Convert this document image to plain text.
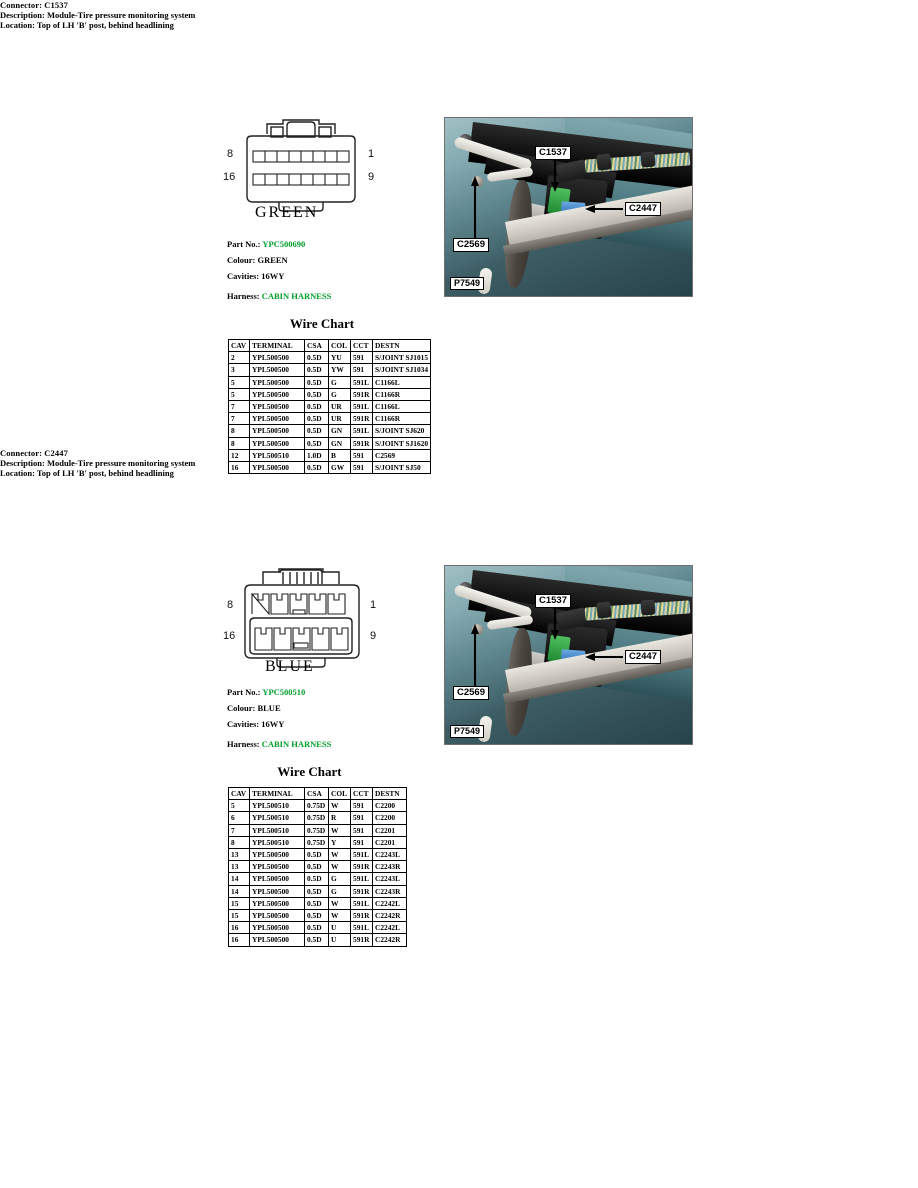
Connector: C1537
8
16
1
9
GREEN
Part No.: YPC500690
Colour: GREEN
Cavities: 16WY
Harness: CABIN HARNESS
Description: Module-Tire pressure monitoring system
Location: Top of LH 'B' post, behind headlining
C1537
C2447
C2569
P7549
Wire Chart
CAV	TERMINAL	CSA	COL	CCT	DESTN
2	YPL500500	0.5D	YU	591	S/JOINT SJ1015
3	YPL500500	0.5D	YW	591	S/JOINT SJ1034
5	YPL500500	0.5D	G	591L	C1166L
5	YPL500500	0.5D	G	591R	C1166R
7	YPL500500	0.5D	UR	591L	C1166L
7	YPL500500	0.5D	UR	591R	C1166R
8	YPL500500	0.5D	GN	591L	S/JOINT SJ620
8	YPL500500	0.5D	GN	591R	S/JOINT SJ1620
12	YPL500510	1.0D	B	591	C2569
16	YPL500500	0.5D	GW	591	S/JOINT SJ50
Connector: C2447
8
16
1
9
BLUE
Part No.: YPC500510
Colour: BLUE
Cavities: 16WY
Harness: CABIN HARNESS
Description: Module-Tire pressure monitoring system
Location: Top of LH 'B' post, behind headlining
C1537
C2447
C2569
P7549
Wire Chart
CAV	TERMINAL	CSA	COL	CCT	DESTN
5	YPL500510	0.75D	W	591	C2200
6	YPL500510	0.75D	R	591	C2200
7	YPL500510	0.75D	W	591	C2201
8	YPL500510	0.75D	Y	591	C2201
13	YPL500500	0.5D	W	591L	C2243L
13	YPL500500	0.5D	W	591R	C2243R
14	YPL500500	0.5D	G	591L	C2243L
14	YPL500500	0.5D	G	591R	C2243R
15	YPL500500	0.5D	W	591L	C2242L
15	YPL500500	0.5D	W	591R	C2242R
16	YPL500500	0.5D	U	591L	C2242L
16	YPL500500	0.5D	U	591R	C2242R
